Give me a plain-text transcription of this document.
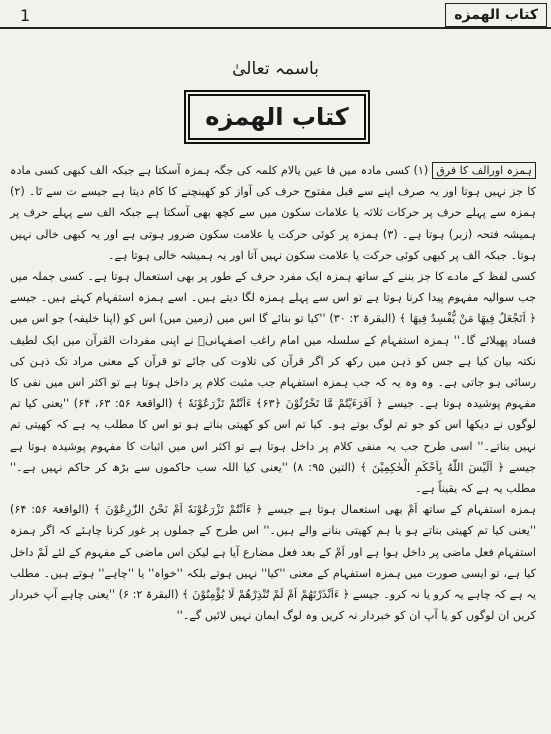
1	كتاب الهمزه
باسمہ تعالیٰ
كتاب الهمزه

ہمزہ اورالف کا فرق(۱) کسی مادہ میں فا عین یالام کلمہ کی جگہ ہمزہ آسکتا ہے جبکہ الف کبھی کسی مادہ کا جز نہیں ہوتا اور یہ صرف اپنے سے قبل مفتوح حرف کی آواز کو کھینچنے کا کام دیتا ہے جیسے ت سے تَا۔ (۲) ہمزہ سے پہلے حرف پر حرکات ثلاثہ یا علامات سکون میں سے کچھ بھی آسکتا ہے جبکہ الف سے پہلے حرف پر ہمیشہ فتحہ (زبر) ہوتا ہے۔ (۳) ہمزہ پر کوئی حرکت یا علامت سکون ضرور ہوتی ہے اور یہ کبھی خالی نہیں ہوتا۔ جبکہ الف پر کبھی کوئی حرکت یا علامت سکون نہیں آتا اور یہ ہمیشہ خالی ہوتا ہے۔

کسی لفظ کے مادے کا جز بننے کے ساتھ ہمزہ ایک مفرد حرف کے طور پر بھی استعمال ہوتا ہے۔ کسی جملہ میں جب سوالیہ مفہوم پیدا کرنا ہوتا ہے تو اس سے پہلے ہمزہ لگا دیتے ہیں۔ اسے ہمزہ استفہام کہتے ہیں۔ جیسے ﴿ اَتَجْعَلُ فِيهَا مَنْ يُّفْسِدُ فِيهَا ﴾ (البقرۃ ۲: ۳۰) ''کیا تو بنائے گا اس میں (زمین میں) اس کو (اپنا خلیفہ) جو اس میں فساد پھیلائے گا۔'' ہمزہ استفہام کے سلسلہ میں امام راغب اصفہانیؒ نے اپنی مفردات القرآن میں ایک لطیف نکتہ بیان کیا ہے جس کو ذہن میں رکھ کر اگر قرآن کی تلاوت کی جائے تو قرآن کے معنی مراد تک ذہن کی رسائی ہو جاتی ہے۔ وہ وہ یہ کہ جب ہمزہ استفہام جب مثبت کلام پر داخل ہوتا ہے تو اکثر اس میں نفی کا مفہوم پوشیدہ ہوتا ہے۔ جیسے ﴿ اَفَرَءَيْتُمْ مَّا تَحْرُثُوْنَ ﴿۶۳﴾ ءَاَنْتُمْ تَزْرَعُوْنَهٗ ﴾ (الواقعۃ ۵۶: ۶۳، ۶۴) ''یعنی کیا تم لوگوں نے دیکھا اس کو جو تم لوگ بوتے ہو۔ کیا تم اس کو کھیتی بناتے ہو تو اس کا مطلب یہ ہے کہ کھیتی تم نہیں بناتے۔'' اسی طرح جب یہ منفی کلام پر داخل ہوتا ہے تو اکثر اس میں اثبات کا مفہوم پوشیدہ ہوتا ہے جیسے ﴿ اَلَيْسَ اللّٰهُ بِاَحْكَمِ الْحٰكِمِيْنَ ﴾ (التین ۹۵: ۸) ''یعنی کیا اللہ سب حاکموں سے بڑھ کر حاکم نہیں ہے۔'' مطلب یہ ہے کہ یقیناً ہے۔

ہمزہ استفہام کے ساتھ اَمْ بھی استعمال ہوتا ہے جیسے ﴿ ءَاَنْتُمْ تَزْرَعُوْنَهٗ اَمْ نَحْنُ الزّٰرِعُوْنَ ﴾ (الواقعۃ ۵۶: ۶۴) ''یعنی کیا تم کھیتی بناتے ہو یا ہم کھیتی بنانے والے ہیں۔'' اس طرح کے جملوں پر غور کرنا چاہئے کہ اگر ہمزہ استفہام فعل ماضی پر داخل ہوا ہے اور اَمْ کے بعد فعل مضارع آیا ہے لیکن اس ماضی کے مفہوم کے لئے لَمْ داخل کیا ہے، تو ایسی صورت میں ہمزہ استفہام کے معنی ''کیا'' نہیں ہوتے بلکہ ''خواہ'' یا ''چاہے'' ہوتے ہیں۔ مطلب یہ ہے کہ چاہے یہ کرو یا نہ کرو۔ جیسے ﴿ ءَاَنْذَرْتَهُمْ اَمْ لَمْ تُنْذِرْهُمْ لَا يُؤْمِنُوْنَ ﴾ (البقرۃ ۲: ۶) ''یعنی چاہے آپ خبردار کریں ان لوگوں کو یا آپ ان کو خبردار نہ کریں وہ لوگ ایمان نہیں لائیں گے۔''
